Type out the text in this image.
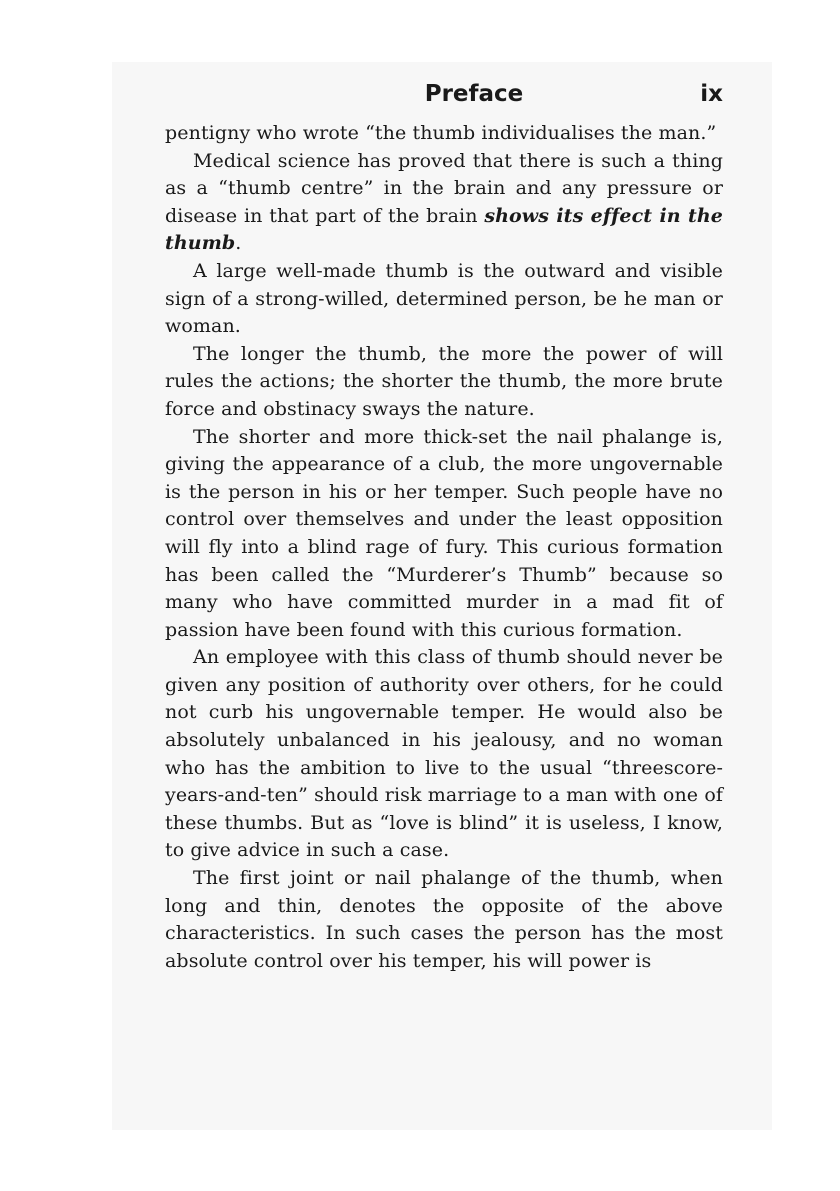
Preface	ix

pentigny who wrote “the thumb individualises the man.”

Medical science has proved that there is such a thing as a “thumb centre” in the brain and any pressure or disease in that part of the brain shows its effect in the thumb.

A large well-made thumb is the outward and visible sign of a strong-willed, determined person, be he man or woman.

The longer the thumb, the more the power of will rules the actions; the shorter the thumb, the more brute force and obstinacy sways the nature.

The shorter and more thick-set the nail phalange is, giving the appearance of a club, the more ungovernable is the person in his or her temper. Such people have no control over themselves and under the least opposition will fly into a blind rage of fury. This curious formation has been called the “Murderer’s Thumb” because so many who have committed murder in a mad fit of passion have been found with this curious formation.

An employee with this class of thumb should never be given any position of authority over others, for he could not curb his ungovernable temper. He would also be absolutely unbalanced in his jealousy, and no woman who has the ambition to live to the usual “threescore-years-and-ten” should risk marriage to a man with one of these thumbs. But as “love is blind” it is useless, I know, to give advice in such a case.

The first joint or nail phalange of the thumb, when long and thin, denotes the opposite of the above characteristics. In such cases the person has the most absolute control over his temper, his will power is
